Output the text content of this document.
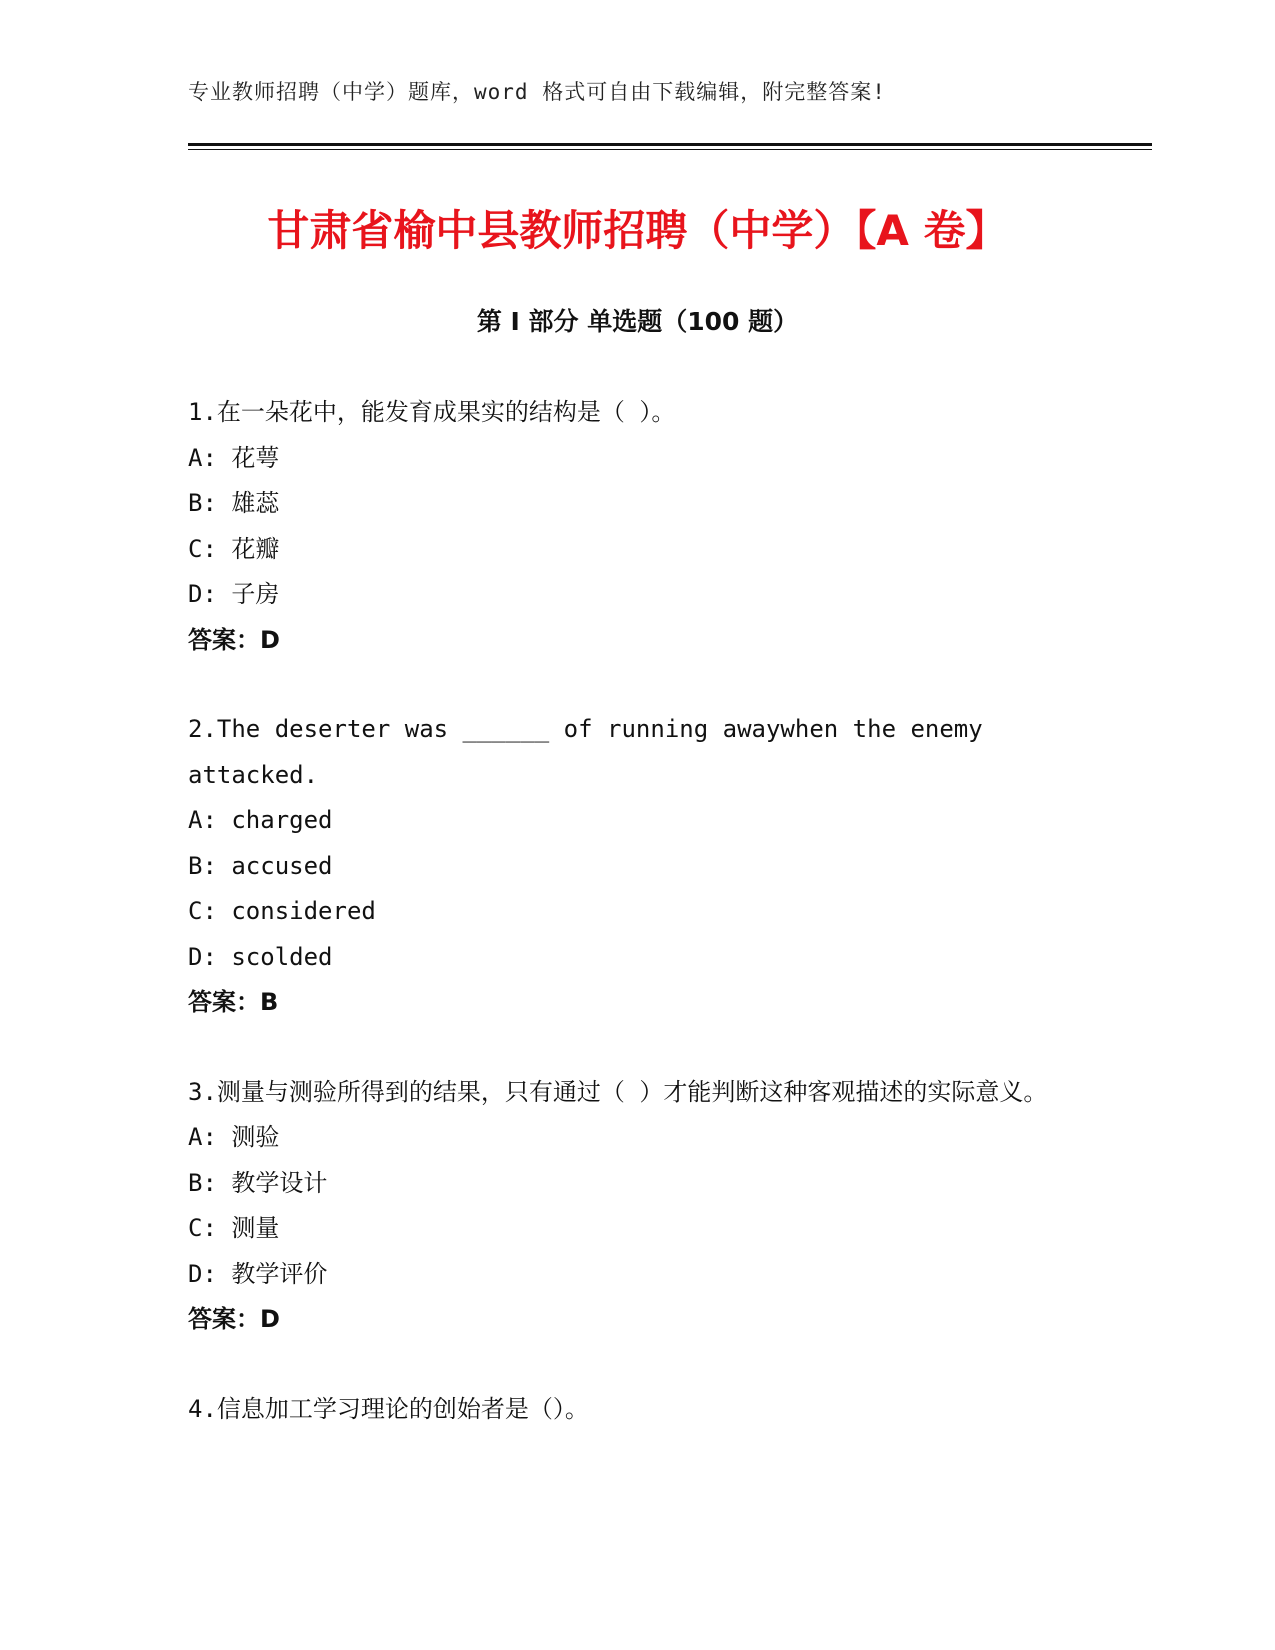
专业教师招聘（中学）题库，word 格式可自由下载编辑，附完整答案!
甘肃省榆中县教师招聘（中学）【A 卷】
第 I 部分 单选题（100 题）

1.在一朵花中，能发育成果实的结构是（ ）。

A: 花萼

B: 雄蕊

C: 花瓣

D: 子房

答案：D

2.The deserter was ______ of running awaywhen the enemy attacked.

A: charged

B: accused

C: considered

D: scolded

答案：B

3.测量与测验所得到的结果，只有通过（ ）才能判断这种客观描述的实际意义。

A: 测验

B: 教学设计

C: 测量

D: 教学评价

答案：D

4.信息加工学习理论的创始者是（）。
